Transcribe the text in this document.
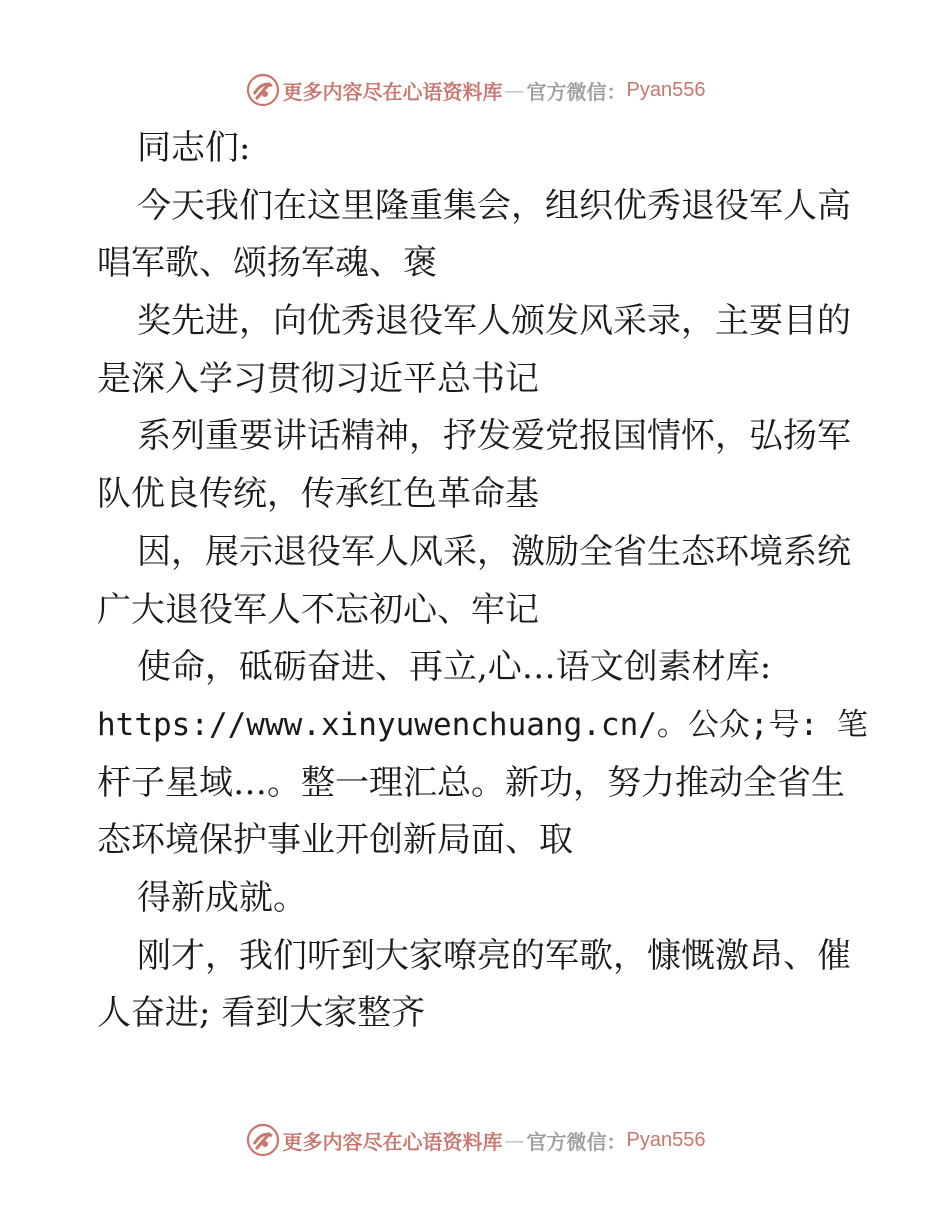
更多内容尽在心语资料库 — 官方微信： Pyan556
同志们:
今天我们在这里隆重集会，组织优秀退役军人高
唱军歌、颂扬军魂、褒
奖先进，向优秀退役军人颁发风采录，主要目的
是深入学习贯彻习近平总书记
系列重要讲话精神，抒发爱党报国情怀，弘扬军
队优良传统，传承红色革命基
因，展示退役军人风采，激励全省生态环境系统
广大退役军人不忘初心、牢记
使命，砥砺奋进、再立,心…语文创素材库:
https://www.xinyuwenchuang.cn/。公众;号: 笔
杆子星域…。整一理汇总。新功，努力推动全省生
态环境保护事业开创新局面、取
得新成就。
刚才，我们听到大家嘹亮的军歌，慷慨激昂、催
人奋进; 看到大家整齐
更多内容尽在心语资料库 — 官方微信： Pyan556
